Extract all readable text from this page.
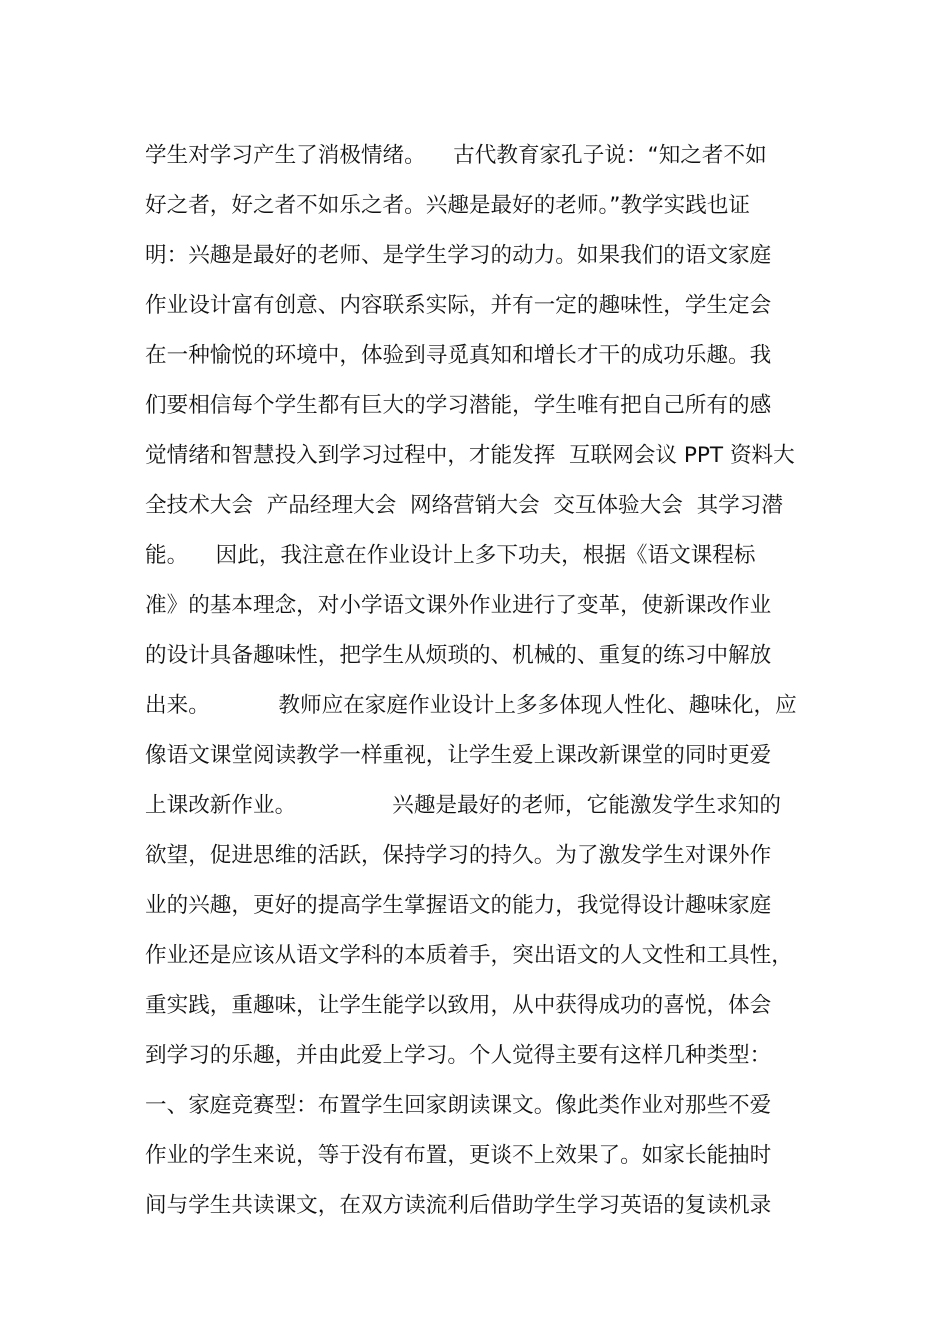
学生对学习产生了消极情绪。    古代教育家孔子说：“知之者不如
好之者，好之者不如乐之者。兴趣是最好的老师。”教学实践也证
明：兴趣是最好的老师、是学生学习的动力。如果我们的语文家庭
作业设计富有创意、内容联系实际，并有一定的趣味性，学生定会
在一种愉悦的环境中，体验到寻觅真知和增长才干的成功乐趣。我
们要相信每个学生都有巨大的学习潜能，学生唯有把自己所有的感
觉情绪和智慧投入到学习过程中，才能发挥  互联网会议 PPT 资料大
全技术大会  产品经理大会  网络营销大会  交互体验大会  其学习潜
能。    因此，我注意在作业设计上多下功夫，根据《语文课程标
准》的基本理念，对小学语文课外作业进行了变革，使新课改作业
的设计具备趣味性，把学生从烦琐的、机械的、重复的练习中解放
出来。          教师应在家庭作业设计上多多体现人性化、趣味化，应
像语文课堂阅读教学一样重视，让学生爱上课改新课堂的同时更爱
上课改新作业。              兴趣是最好的老师，它能激发学生求知的
欲望，促进思维的活跃，保持学习的持久。为了激发学生对课外作
业的兴趣，更好的提高学生掌握语文的能力，我觉得设计趣味家庭
作业还是应该从语文学科的本质着手，突出语文的人文性和工具性，
重实践，重趣味，让学生能学以致用，从中获得成功的喜悦，体会
到学习的乐趣，并由此爱上学习。个人觉得主要有这样几种类型：
一、家庭竞赛型：布置学生回家朗读课文。像此类作业对那些不爱
作业的学生来说，等于没有布置，更谈不上效果了。如家长能抽时
间与学生共读课文，在双方读流利后借助学生学习英语的复读机录
